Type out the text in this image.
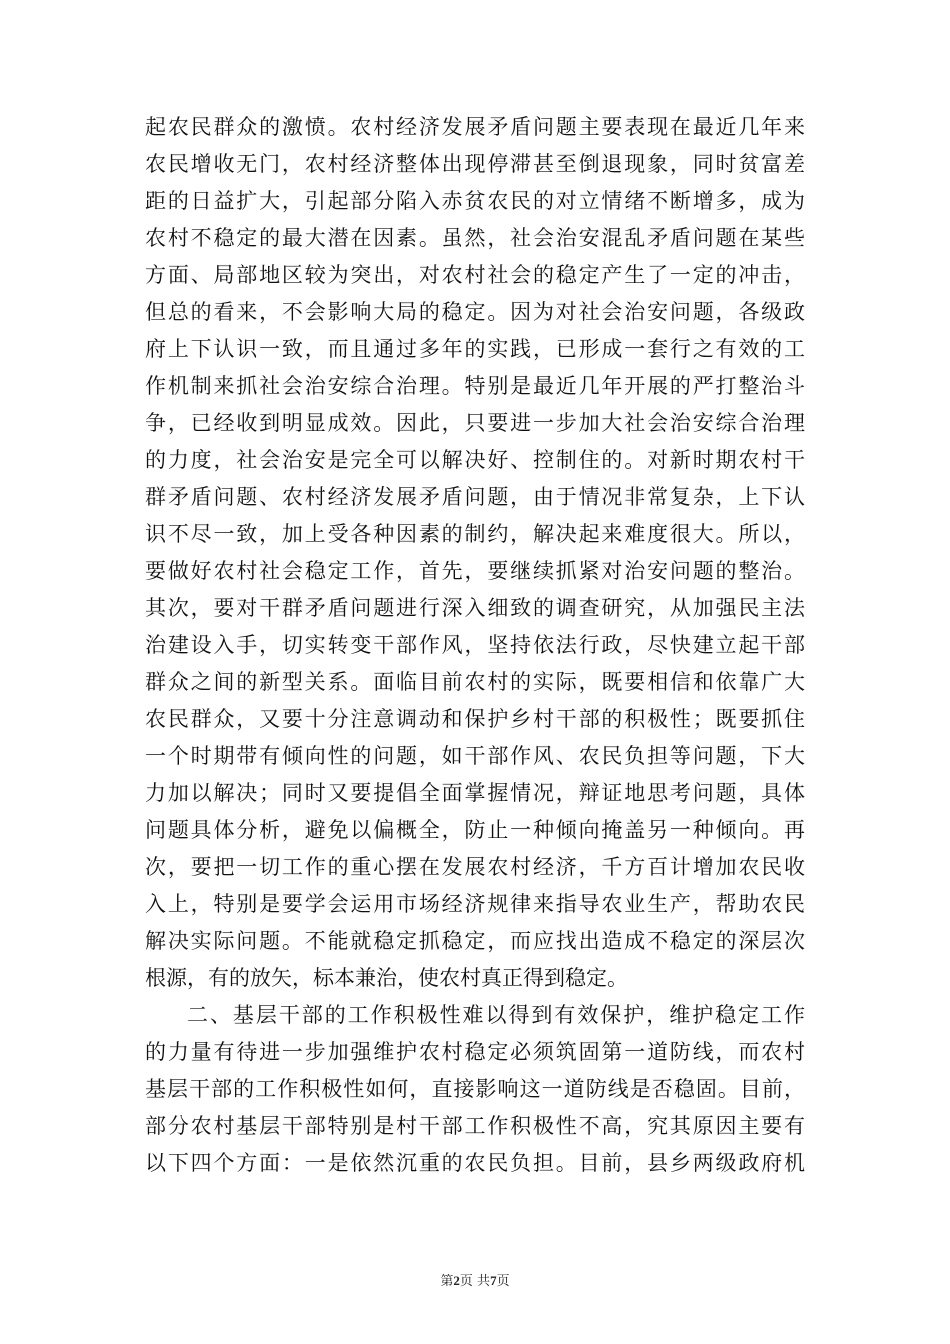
起农民群众的激愤。农村经济发展矛盾问题主要表现在最近几年来
农民增收无门，农村经济整体出现停滞甚至倒退现象，同时贫富差
距的日益扩大，引起部分陷入赤贫农民的对立情绪不断增多，成为
农村不稳定的最大潜在因素。虽然，社会治安混乱矛盾问题在某些
方面、局部地区较为突出，对农村社会的稳定产生了一定的冲击，
但总的看来，不会影响大局的稳定。因为对社会治安问题，各级政
府上下认识一致，而且通过多年的实践，已形成一套行之有效的工
作机制来抓社会治安综合治理。特别是最近几年开展的严打整治斗
争，已经收到明显成效。因此，只要进一步加大社会治安综合治理
的力度，社会治安是完全可以解决好、控制住的。对新时期农村干
群矛盾问题、农村经济发展矛盾问题，由于情况非常复杂，上下认
识不尽一致，加上受各种因素的制约，解决起来难度很大。所以，
要做好农村社会稳定工作，首先，要继续抓紧对治安问题的整治。
其次，要对干群矛盾问题进行深入细致的调查研究，从加强民主法
治建设入手，切实转变干部作风，坚持依法行政，尽快建立起干部
群众之间的新型关系。面临目前农村的实际，既要相信和依靠广大
农民群众，又要十分注意调动和保护乡村干部的积极性；既要抓住
一个时期带有倾向性的问题，如干部作风、农民负担等问题，下大
力加以解决；同时又要提倡全面掌握情况，辩证地思考问题，具体
问题具体分析，避免以偏概全，防止一种倾向掩盖另一种倾向。再
次，要把一切工作的重心摆在发展农村经济，千方百计增加农民收
入上，特别是要学会运用市场经济规律来指导农业生产，帮助农民
解决实际问题。不能就稳定抓稳定，而应找出造成不稳定的深层次
根源，有的放矢，标本兼治，使农村真正得到稳定。
二、基层干部的工作积极性难以得到有效保护，维护稳定工作
的力量有待进一步加强维护农村稳定必须筑固第一道防线，而农村
基层干部的工作积极性如何，直接影响这一道防线是否稳固。目前，
部分农村基层干部特别是村干部工作积极性不高，究其原因主要有
以下四个方面：一是依然沉重的农民负担。目前，县乡两级政府机
第2页 共7页
